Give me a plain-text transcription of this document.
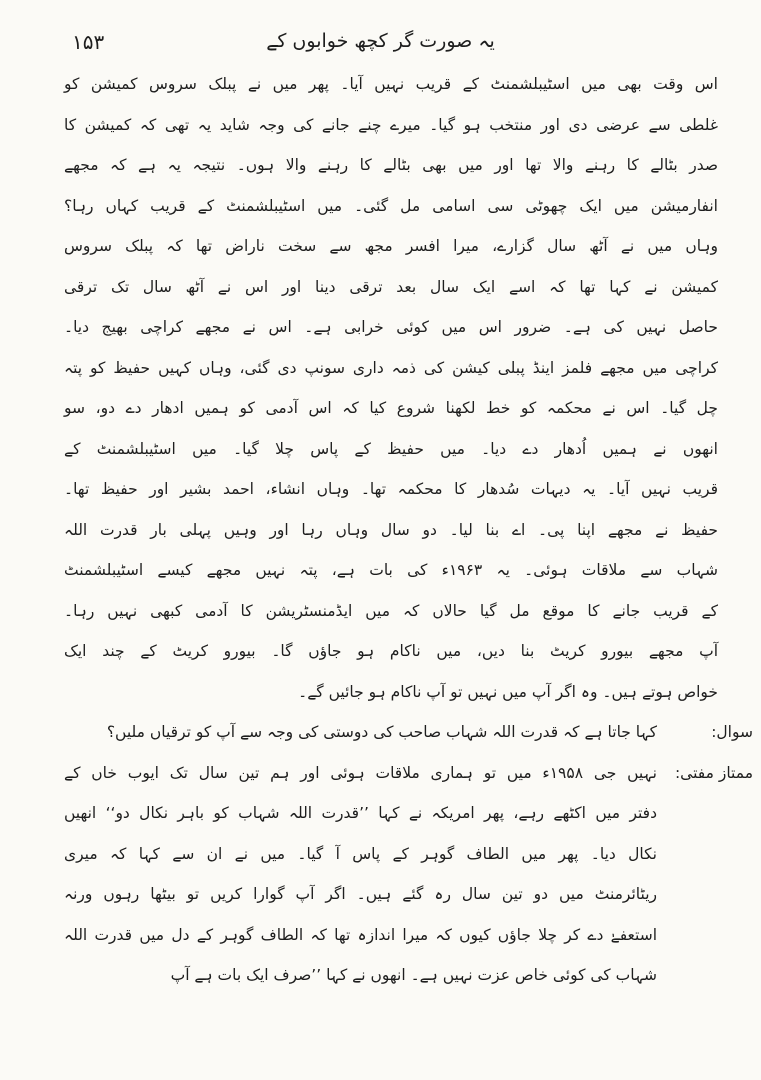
۱۵۳	یہ صورت گر کچھ خوابوں کے
اس وقت بھی میں اسٹیبلشمنٹ کے قریب نہیں آیا۔ پھر میں نے پبلک سروس کمیشن کو
غلطی سے عرضی دی اور منتخب ہو گیا۔ میرے چنے جانے کی وجہ شاید یہ تھی کہ کمیشن کا
صدر بٹالے کا رہنے والا تھا اور میں بھی بٹالے کا رہنے والا ہوں۔ نتیجہ یہ ہے کہ مجھے
انفارمیشن میں ایک چھوٹی سی اسامی مل گئی۔ میں اسٹیبلشمنٹ کے قریب کہاں رہا؟
وہاں میں نے آٹھ سال گزارے، میرا افسر مجھ سے سخت ناراض تھا کہ پبلک سروس
کمیشن نے کہا تھا کہ اسے ایک سال بعد ترقی دینا اور اس نے آٹھ سال تک ترقی
حاصل نہیں کی ہے۔ ضرور اس میں کوئی خرابی ہے۔ اس نے مجھے کراچی بھیج دیا۔
کراچی میں مجھے فلمز اینڈ پبلی کیشن کی ذمہ داری سونپ دی گئی، وہاں کہیں حفیظ کو پتہ
چل گیا۔ اس نے محکمہ کو خط لکھنا شروع کیا کہ اس آدمی کو ہمیں ادھار دے دو، سو
انھوں نے ہمیں اُدھار دے دیا۔ میں حفیظ کے پاس چلا گیا۔ میں اسٹیبلشمنٹ کے
قریب نہیں آیا۔ یہ دیہات سُدھار کا محکمہ تھا۔ وہاں انشاء، احمد بشیر اور حفیظ تھا۔
حفیظ نے مجھے اپنا پی۔ اے بنا لیا۔ دو سال وہاں رہا اور وہیں پہلی بار قدرت اللہ
شہاب سے ملاقات ہوئی۔ یہ ۱۹۶۳ء کی بات ہے، پتہ نہیں مجھے کیسے اسٹیبلشمنٹ
کے قریب جانے کا موقع مل گیا حالاں کہ میں ایڈمنسٹریشن کا آدمی کبھی نہیں رہا۔
آپ مجھے بیورو کریٹ بنا دیں، میں ناکام ہو جاؤں گا۔ بیورو کریٹ کے چند ایک
خواص ہوتے ہیں۔ وہ اگر آپ میں نہیں تو آپ ناکام ہو جائیں گے۔
سوال:
کہا جاتا ہے کہ قدرت اللہ شہاب صاحب کی دوستی کی وجہ سے آپ کو ترقیاں ملیں؟
ممتاز مفتی:
نہیں جی ۱۹۵۸ء میں تو ہماری ملاقات ہوئی اور ہم تین سال تک ایوب خاں کے
دفتر میں اکٹھے رہے، پھر امریکہ نے کہا ’’قدرت اللہ شہاب کو باہر نکال دو‘‘ انھیں
نکال دیا۔ پھر میں الطاف گوہر کے پاس آ گیا۔ میں نے ان سے کہا کہ میری
ریٹائرمنٹ میں دو تین سال رہ گئے ہیں۔ اگر آپ گوارا کریں تو بیٹھا رہوں ورنہ
استعفےٰ دے کر چلا جاؤں کیوں کہ میرا اندازہ تھا کہ الطاف گوہر کے دل میں قدرت اللہ
شہاب کی کوئی خاص عزت نہیں ہے۔ انھوں نے کہا ’’صرف ایک بات ہے آپ
